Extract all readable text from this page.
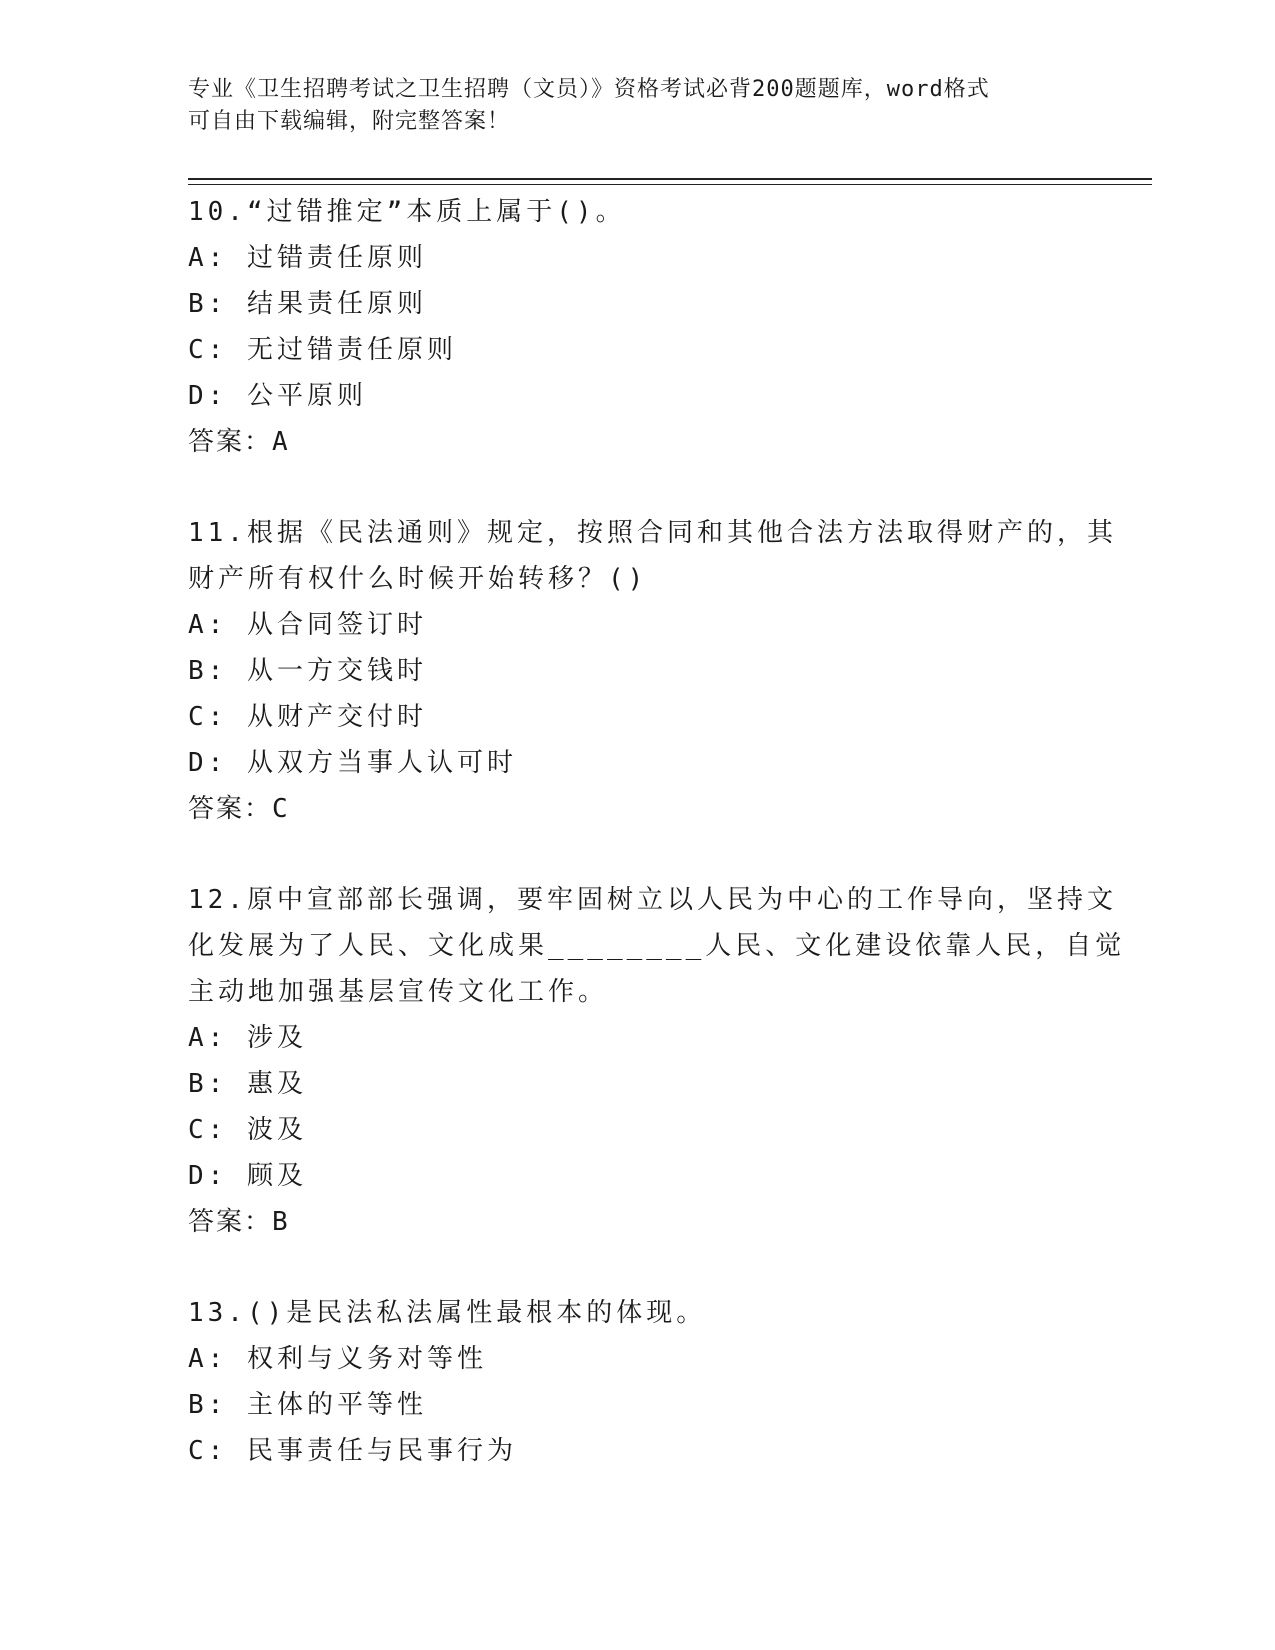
专业《卫生招聘考试之卫生招聘（文员）》资格考试必背200题题库，word格式
可自由下载编辑，附完整答案！
10.“过错推定”本质上属于()。
A: 过错责任原则
B: 结果责任原则
C: 无过错责任原则
D: 公平原则
答案：A
11.根据《民法通则》规定，按照合同和其他合法方法取得财产的，其
财产所有权什么时候开始转移？()
A: 从合同签订时
B: 从一方交钱时
C: 从财产交付时
D: 从双方当事人认可时
答案：C
12.原中宣部部长强调，要牢固树立以人民为中心的工作导向，坚持文
化发展为了人民、文化成果________人民、文化建设依靠人民，自觉
主动地加强基层宣传文化工作。
A: 涉及
B: 惠及
C: 波及
D: 顾及
答案：B
13.()是民法私法属性最根本的体现。
A: 权利与义务对等性
B: 主体的平等性
C: 民事责任与民事行为
